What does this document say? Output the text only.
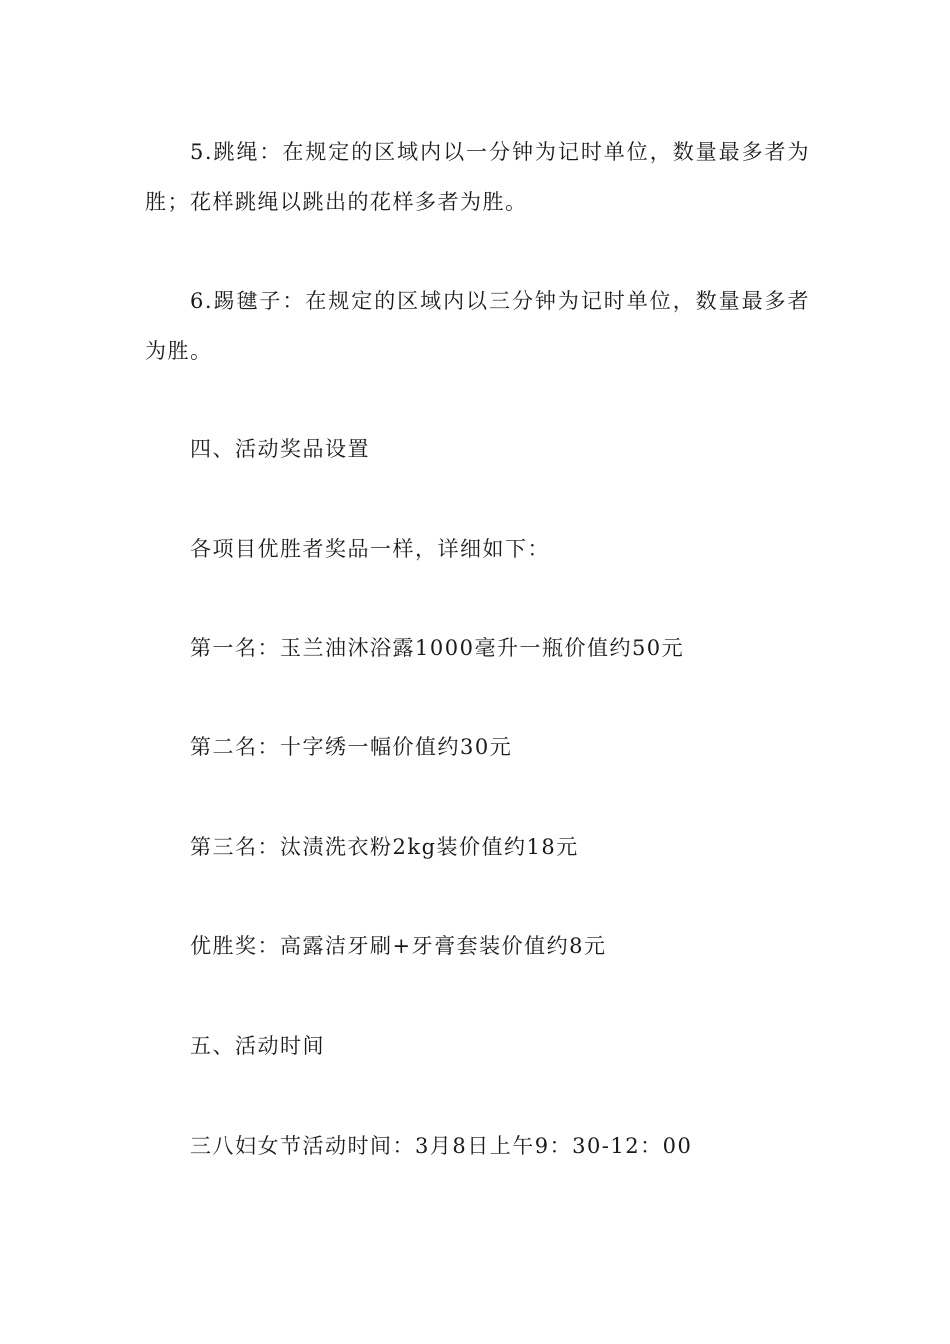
5.跳绳：在规定的区域内以一分钟为记时单位，数量最多者为胜；花样跳绳以跳出的花样多者为胜。

6.踢毽子：在规定的区域内以三分钟为记时单位，数量最多者为胜。

四、活动奖品设置

各项目优胜者奖品一样，详细如下：

第一名：玉兰油沐浴露1000毫升一瓶价值约50元

第二名：十字绣一幅价值约30元

第三名：汰渍洗衣粉2kg装价值约18元

优胜奖：高露洁牙刷+牙膏套装价值约8元

五、活动时间

三八妇女节活动时间：3月8日上午9：30-12：00
